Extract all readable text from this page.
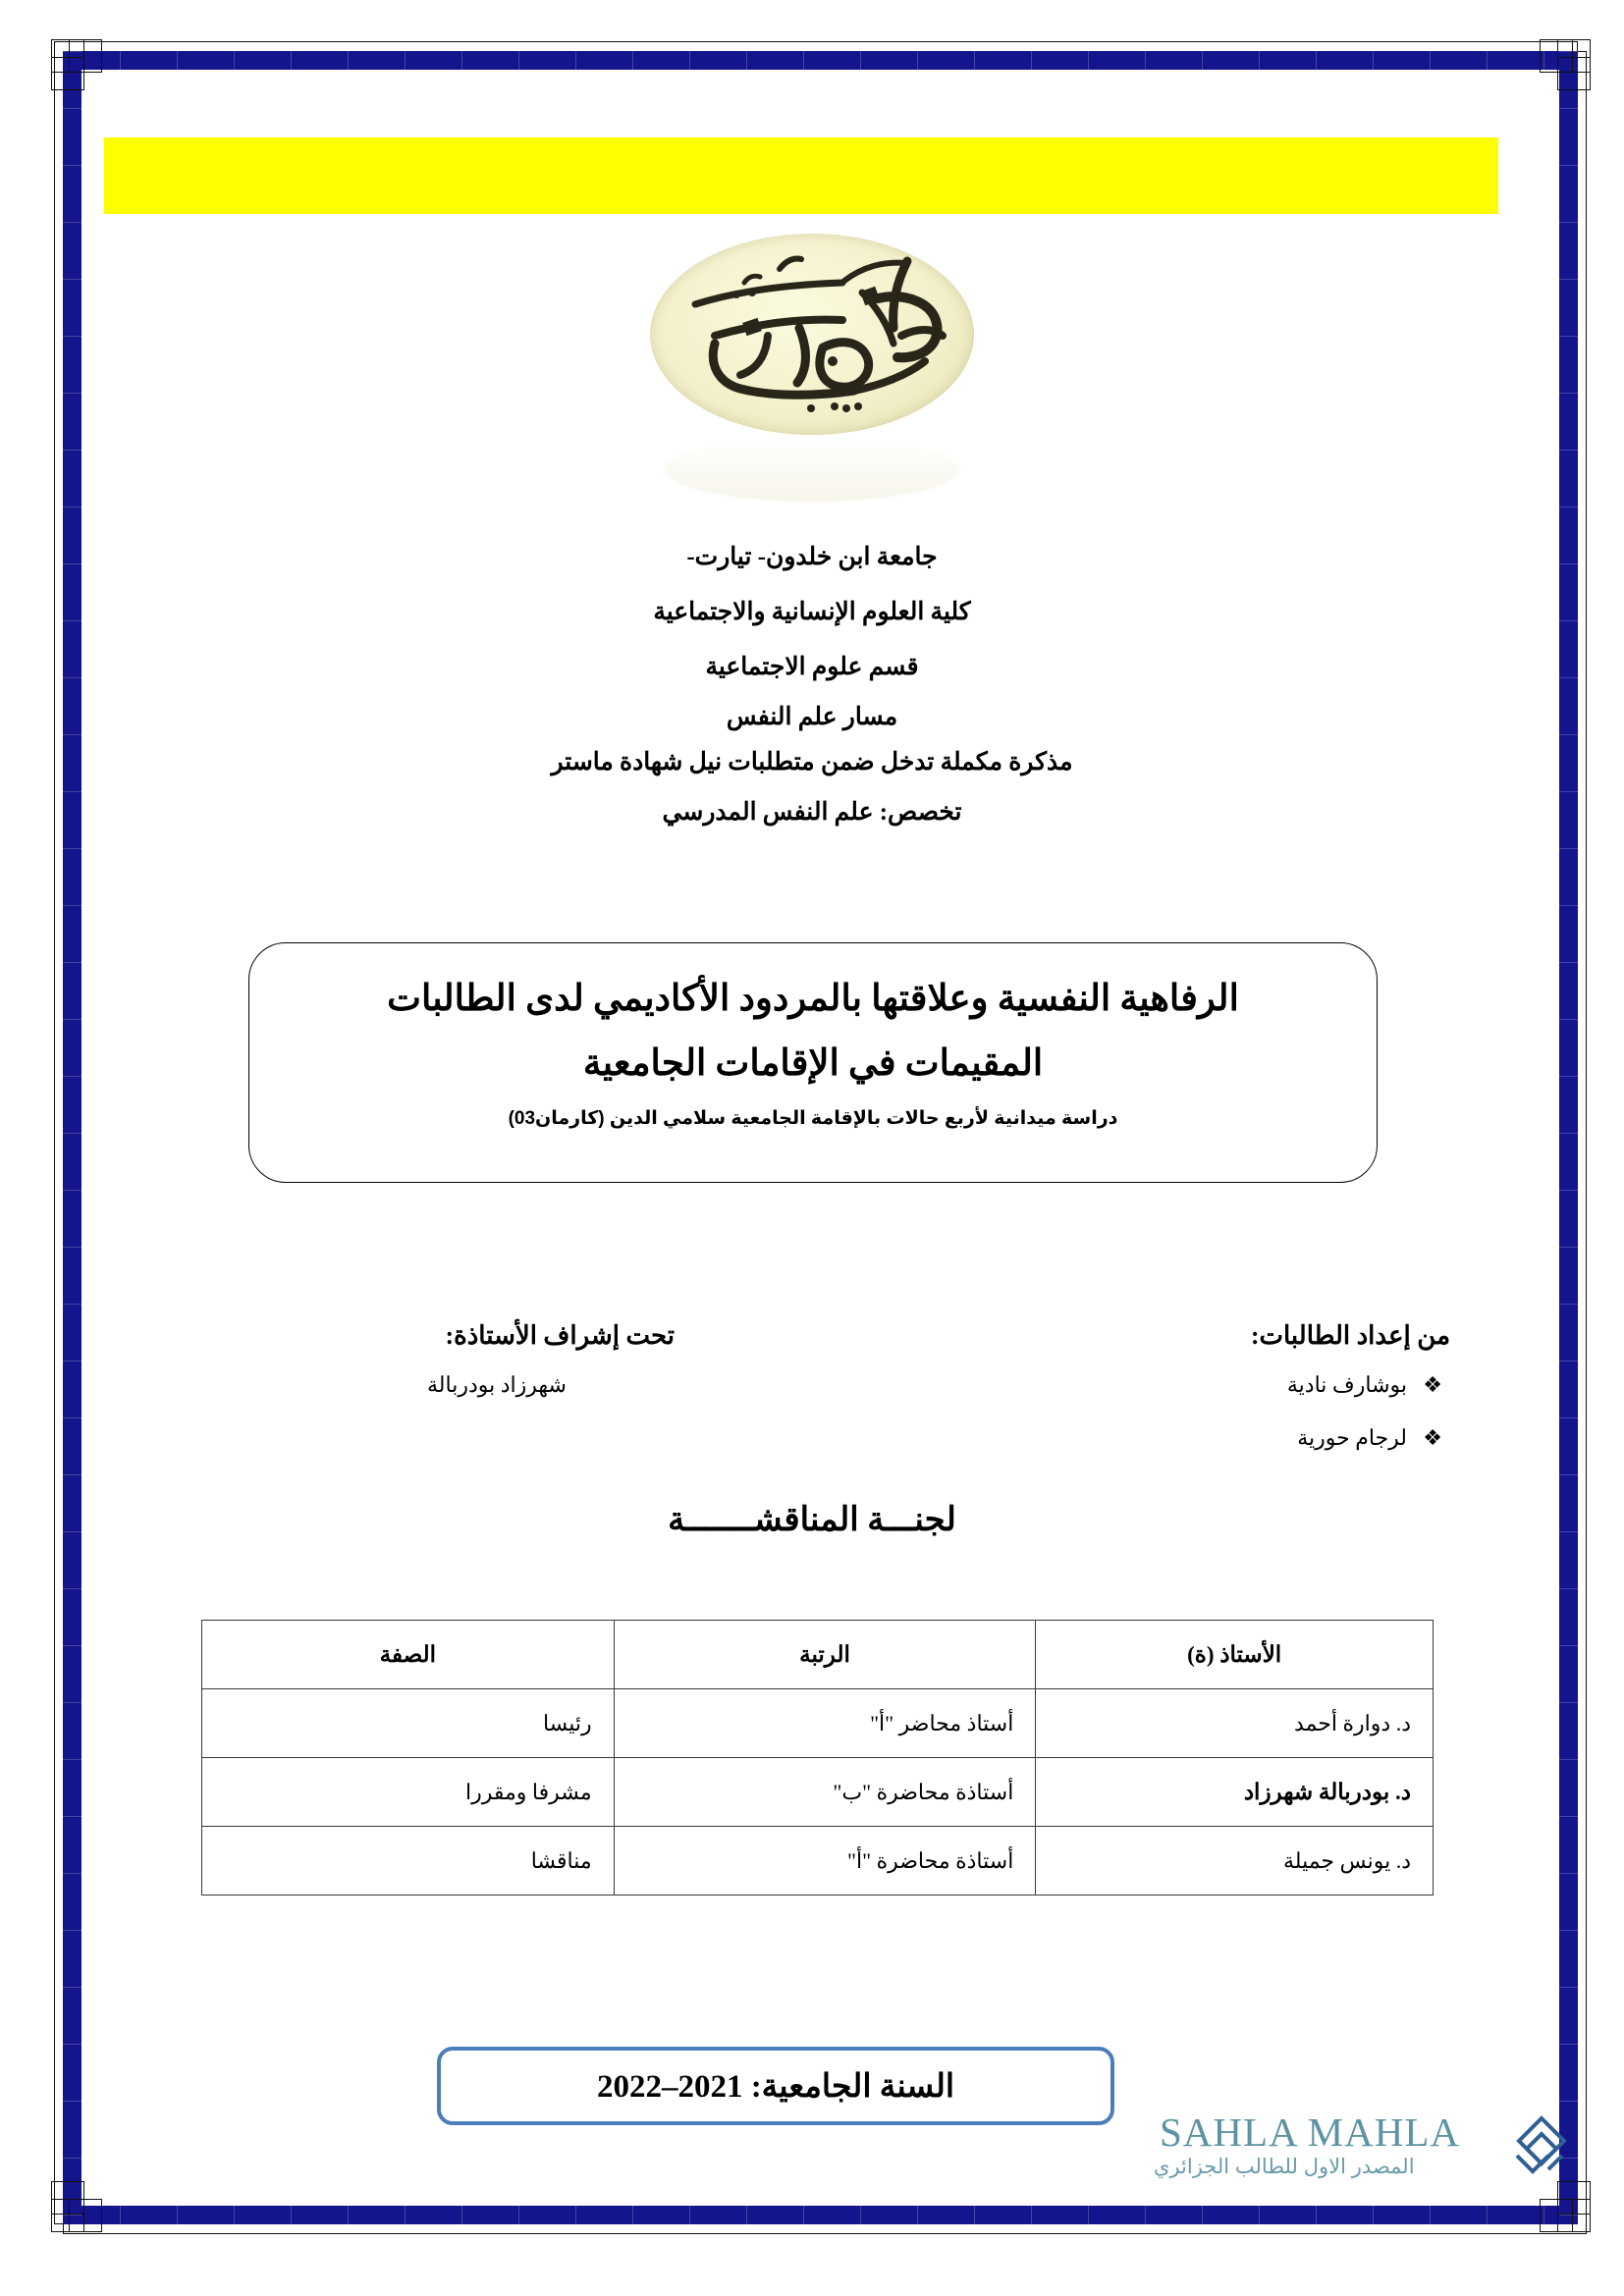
جامعة ابن خلدون- تيارت-
كلية العلوم الإنسانية والاجتماعية
قسم علوم الاجتماعية
مسار علم النفس
مذكرة مكملة تدخل ضمن متطلبات نيل شهادة ماستر
تخصص: علم النفس المدرسي
الرفاهية النفسية وعلاقتها بالمردود الأكاديمي لدى الطالبات
المقيمات في الإقامات الجامعية
دراسة ميدانية لأربع حالات بالإقامة الجامعية سلامي الدين (كارمان03)
من إعداد الطالبات:
❖
بوشارف نادية
❖
لرجام حورية
تحت إشراف الأستاذة:
شهرزاد بودربالة
لجنـــة المناقشـــــــة
الأستاذ (ة)	الرتبة	الصفة
د. دوارة أحمد	أستاذ محاضر "أ"	رئيسا
د. بودربالة شهرزاد	أستاذة محاضرة "ب"	مشرفا ومقررا
د. يونس جميلة	أستاذة محاضرة "أ"	مناقشا
السنة الجامعية: 2021–2022
SAHLA MAHLA
المصدر الاول للطالب الجزائري
